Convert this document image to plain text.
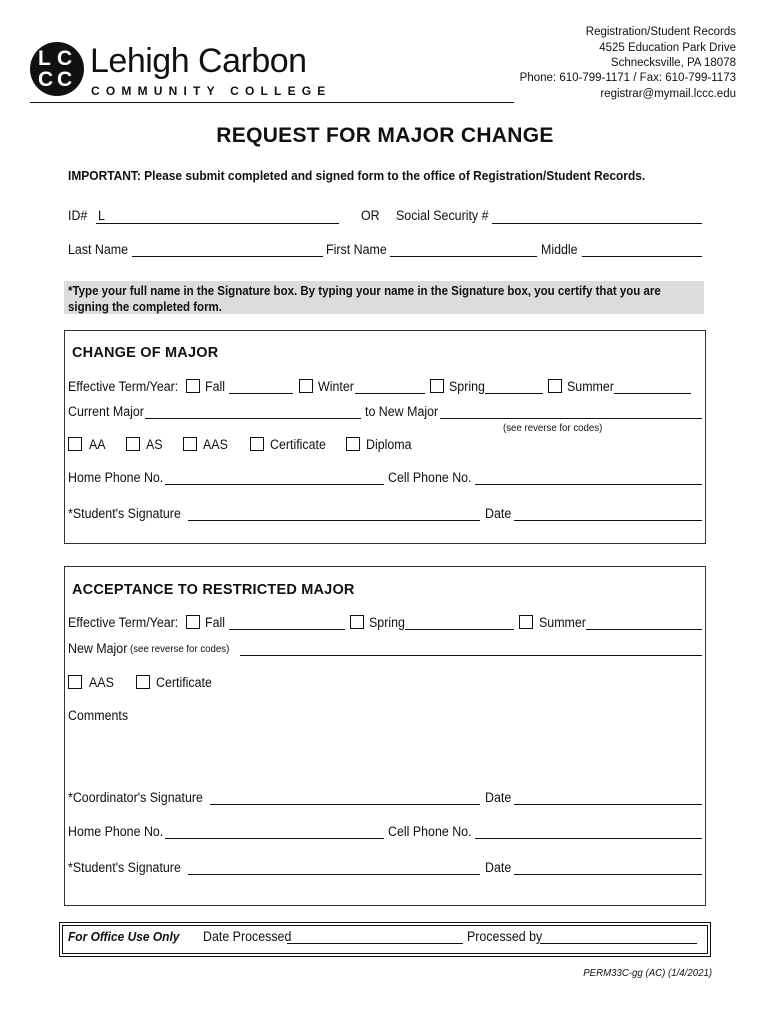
L C
C C Lehigh Carbon
COMMUNITY COLLEGE
Registration/Student Records
4525 Education Park Drive
Schnecksville, PA 18078
Phone: 610-799-1171 / Fax: 610-799-1173
registrar@mymail.lccc.edu
REQUEST FOR MAJOR CHANGE
IMPORTANT: Please submit completed and signed form to the office of Registration/Student Records.
ID# L	OR Social Security #
Last Name	First Name	Middle
*Type your full name in the Signature box. By typing your name in the Signature box, you certify that you are signing the completed form.
CHANGE OF MAJOR
Effective Term/Year: Fall	Winter	Spring	Summer
Current Major	to New Major
(see reverse for codes)
AA	AS	AAS	Certificate	Diploma
Home Phone No.	Cell Phone No.
*Student's Signature	Date
ACCEPTANCE TO RESTRICTED MAJOR
Effective Term/Year: Fall	Spring	Summer
New Major (see reverse for codes)
AAS	Certificate
Comments
*Coordinator's Signature	Date
Home Phone No.	Cell Phone No.
*Student's Signature	Date
For Office Use Only Date Processed	Processed by
PERM33C-gg (AC) (1/4/2021)
